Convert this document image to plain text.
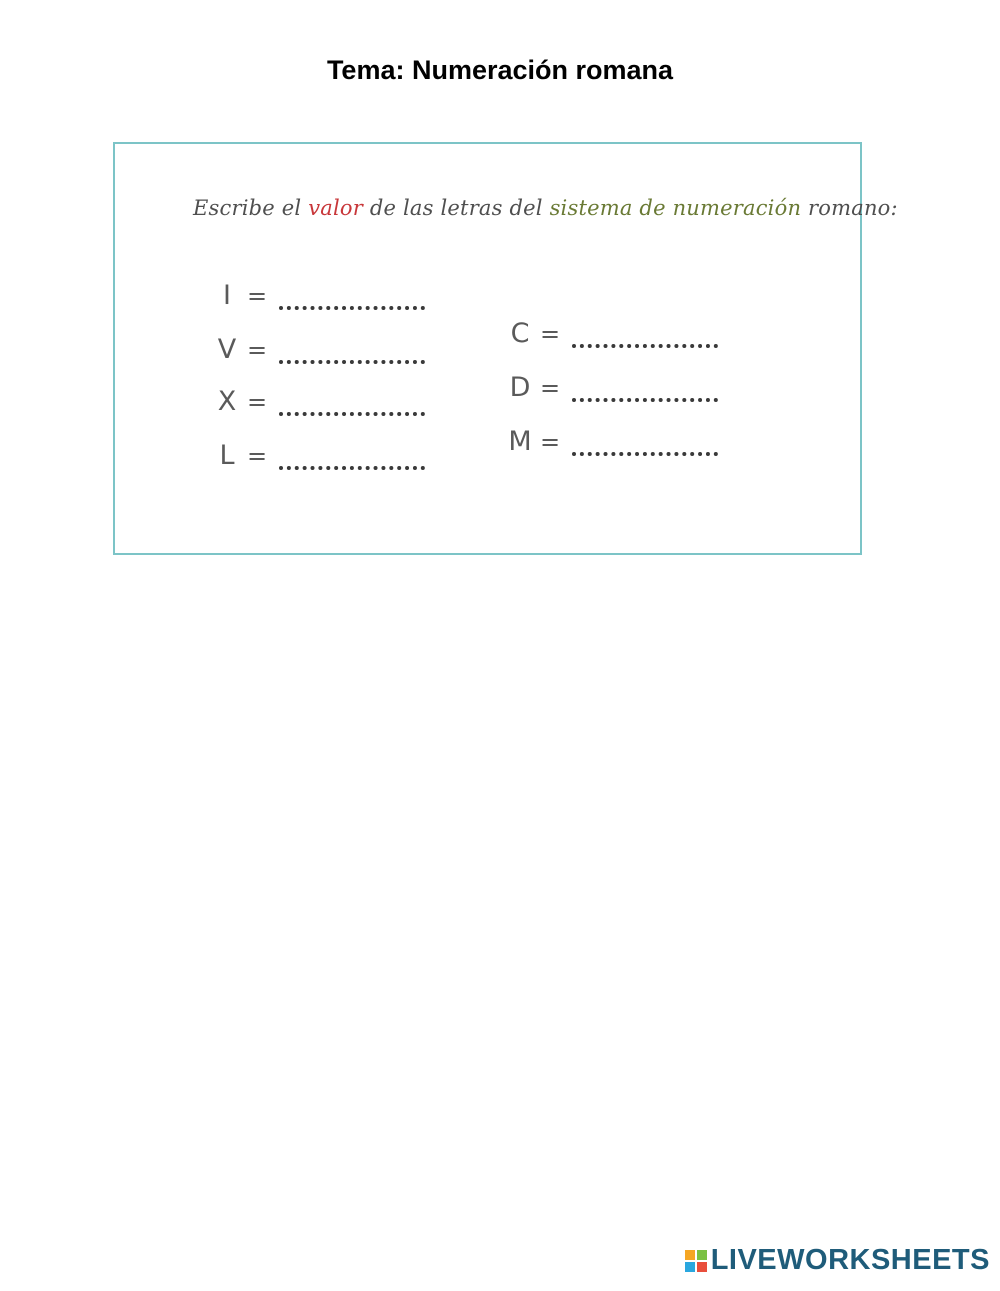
Tema: Numeración romana
Escribe el valor de las letras del sistema de numeración romano:
I =
V =
X =
L =
C =
D =
M =
LIVEWORKSHEETS
